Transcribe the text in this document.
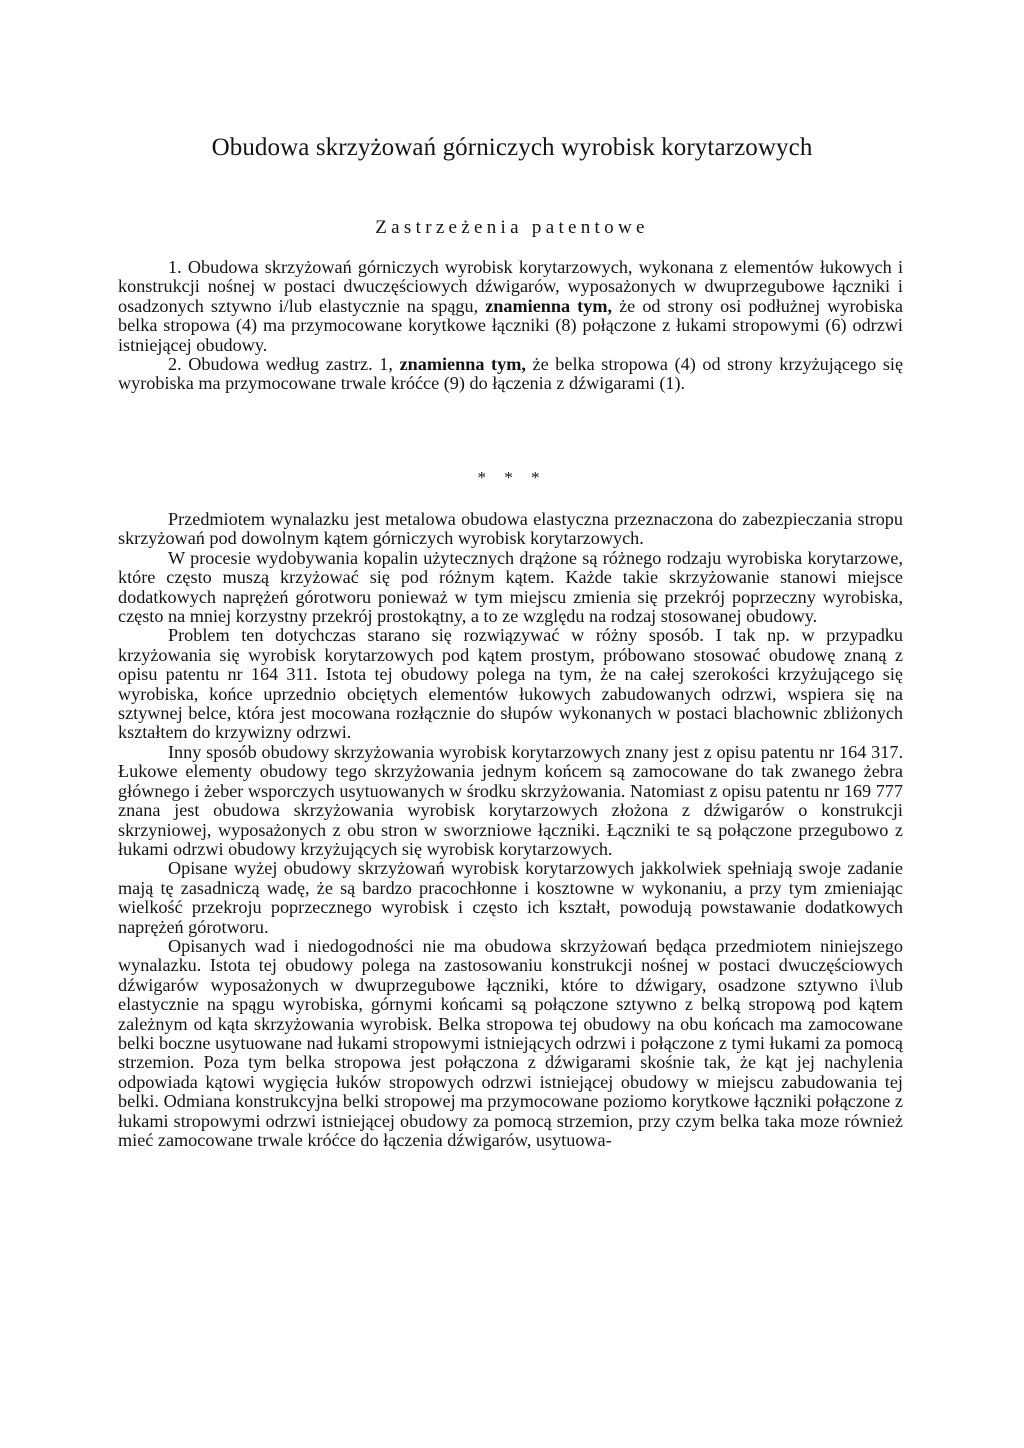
Obudowa skrzyżowań górniczych wyrobisk korytarzowych
Zastrzeżenia patentowe

1. Obudowa skrzyżowań górniczych wyrobisk korytarzowych, wykonana z elementów łukowych i konstrukcji nośnej w postaci dwuczęściowych dźwigarów, wyposażonych w dwuprzegubowe łączniki i osadzonych sztywno i/lub elastycznie na spągu, znamienna tym, że od strony osi podłużnej wyrobiska belka stropowa (4) ma przymocowane korytkowe łączniki (8) połączone z łukami stropowymi (6) odrzwi istniejącej obudowy.

2. Obudowa według zastrz. 1, znamienna tym, że belka stropowa (4) od strony krzyżującego się wyrobiska ma przymocowane trwale króćce (9) do łączenia z dźwigarami (1).

* * *

Przedmiotem wynalazku jest metalowa obudowa elastyczna przeznaczona do zabezpieczania stropu skrzyżowań pod dowolnym kątem górniczych wyrobisk korytarzowych.

W procesie wydobywania kopalin użytecznych drążone są różnego rodzaju wyrobiska korytarzowe, które często muszą krzyżować się pod różnym kątem. Każde takie skrzyżowanie stanowi miejsce dodatkowych naprężeń górotworu ponieważ w tym miejscu zmienia się przekrój poprzeczny wyrobiska, często na mniej korzystny przekrój prostokątny, a to ze względu na rodzaj stosowanej obudowy.

Problem ten dotychczas starano się rozwiązywać w różny sposób. I tak np. w przypadku krzyżowania się wyrobisk korytarzowych pod kątem prostym, próbowano stosować obudowę znaną z opisu patentu nr 164 311. Istota tej obudowy polega na tym, że na całej szerokości krzyżującego się wyrobiska, końce uprzednio obciętych elementów łukowych zabudowanych odrzwi, wspiera się na sztywnej belce, która jest mocowana rozłącznie do słupów wykonanych w postaci blachownic zbliżonych kształtem do krzywizny odrzwi.

Inny sposób obudowy skrzyżowania wyrobisk korytarzowych znany jest z opisu patentu nr 164 317. Łukowe elementy obudowy tego skrzyżowania jednym końcem są zamocowane do tak zwanego żebra głównego i żeber wsporczych usytuowanych w środku skrzyżowania. Natomiast z opisu patentu nr 169 777 znana jest obudowa skrzyżowania wyrobisk korytarzowych złożona z dźwigarów o konstrukcji skrzyniowej, wyposażonych z obu stron w sworzniowe łączniki. Łączniki te są połączone przegubowo z łukami odrzwi obudowy krzyżujących się wyrobisk korytarzowych.

Opisane wyżej obudowy skrzyżowań wyrobisk korytarzowych jakkolwiek spełniają swoje zadanie mają tę zasadniczą wadę, że są bardzo pracochłonne i kosztowne w wykonaniu, a przy tym zmieniając wielkość przekroju poprzecznego wyrobisk i często ich kształt, powodują powstawanie dodatkowych naprężeń górotworu.

Opisanych wad i niedogodności nie ma obudowa skrzyżowań będąca przedmiotem niniejszego wynalazku. Istota tej obudowy polega na zastosowaniu konstrukcji nośnej w postaci dwuczęściowych dźwigarów wyposażonych w dwuprzegubowe łączniki, które to dźwigary, osadzone sztywno i\lub elastycznie na spągu wyrobiska, górnymi końcami są połączone sztywno z belką stropową pod kątem zależnym od kąta skrzyżowania wyrobisk. Belka stropowa tej obudowy na obu końcach ma zamocowane belki boczne usytuowane nad łukami stropowymi istniejących odrzwi i połączone z tymi łukami za pomocą strzemion. Poza tym belka stropowa jest połączona z dźwigarami skośnie tak, że kąt jej nachylenia odpowiada kątowi wygięcia łuków stropowych odrzwi istniejącej obudowy w miejscu zabudowania tej belki. Odmiana konstrukcyjna belki stropowej ma przymocowane poziomo korytkowe łączniki połączone z łukami stropowymi odrzwi istniejącej obudowy za pomocą strzemion, przy czym belka taka moze również mieć zamocowane trwale króćce do łączenia dźwigarów, usytuowa-
